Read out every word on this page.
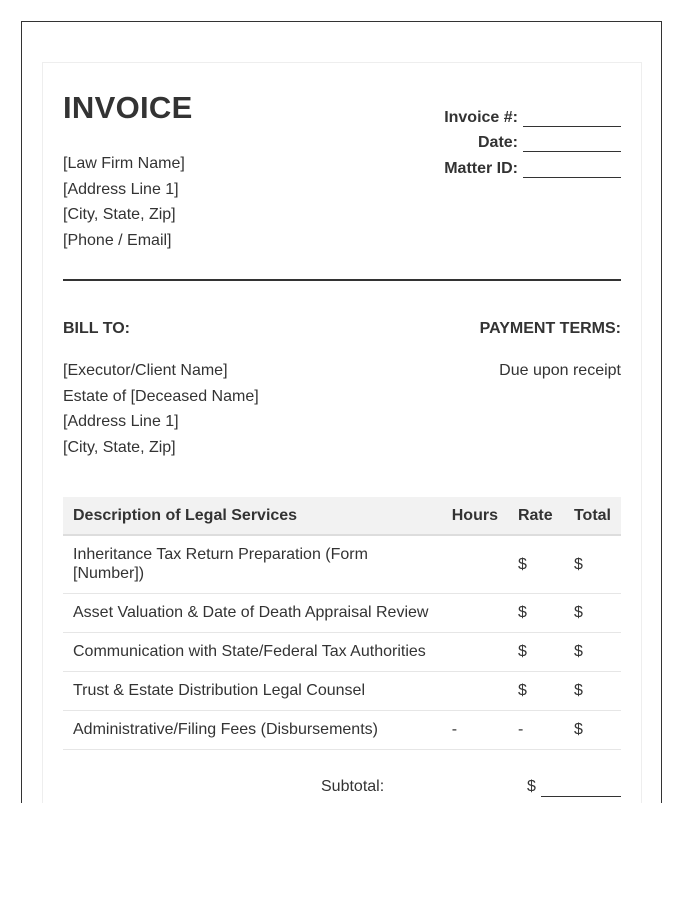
INVOICE	Invoice #:
Date:
Matter ID:
[Law Firm Name]
[Address Line 1]
[City, State, Zip]
[Phone / Email]
BILL TO:	PAYMENT TERMS:
[Executor/Client Name]
Estate of [Deceased Name]
[Address Line 1]
[City, State, Zip]
Due upon receipt
Description of Legal Services	Hours	Rate	Total
Inheritance Tax Return Preparation (Form [Number])		$	$
Asset Valuation & Date of Death Appraisal Review		$	$
Communication with State/Federal Tax Authorities		$	$
Trust & Estate Distribution Legal Counsel		$	$
Administrative/Filing Fees (Disbursements)	-	-	$
Subtotal:	$
